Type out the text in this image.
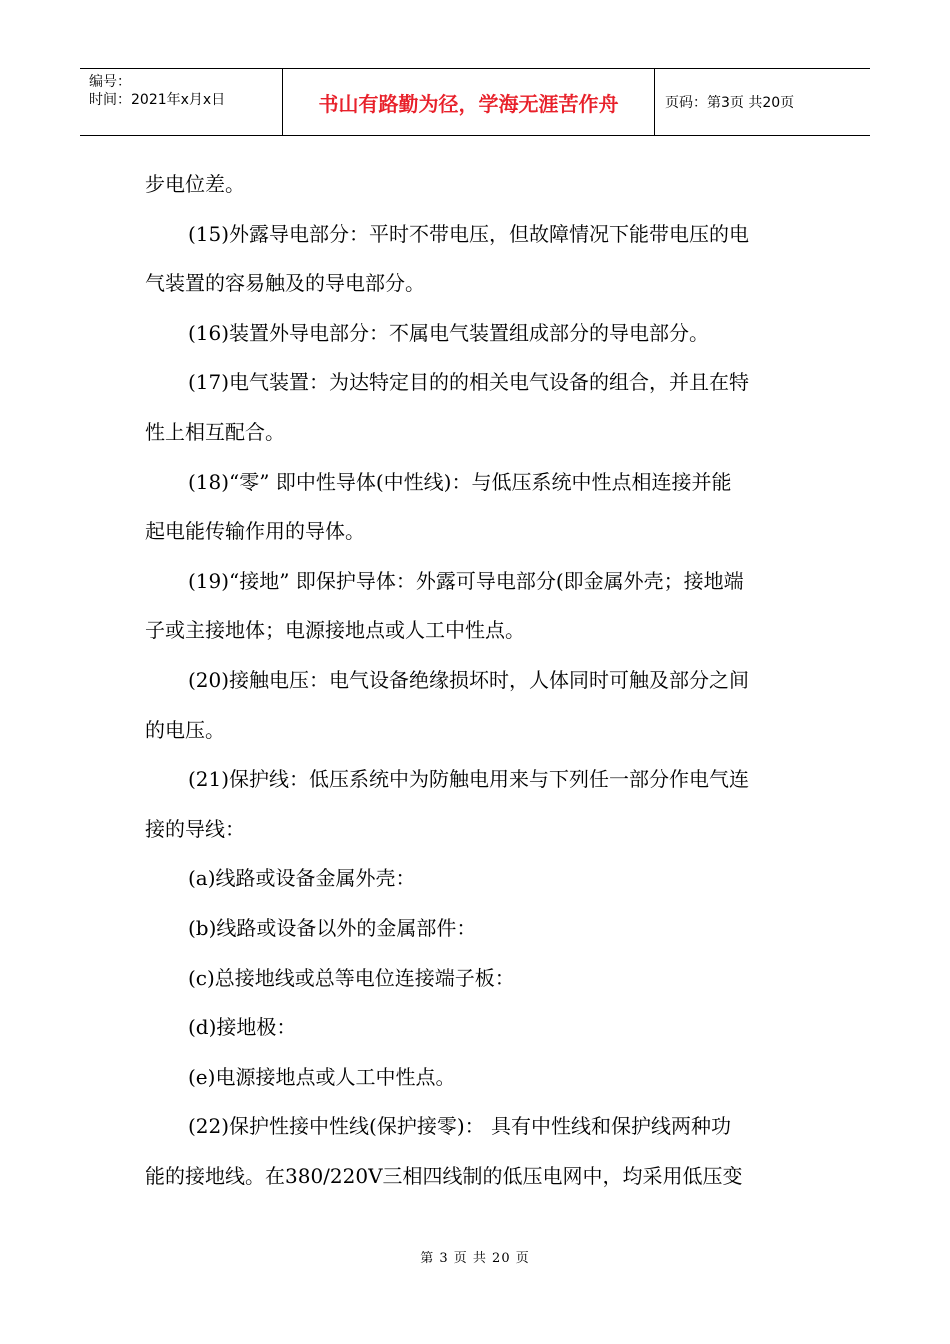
编号：
时间：2021年x月x日	书山有路勤为径，学海无涯苦作舟	页码：第3页 共20页

步电位差。

(15)外露导电部分：平时不带电压，但故障情况下能带电压的电

气装置的容易触及的导电部分。

(16)装置外导电部分：不属电气装置组成部分的导电部分。

(17)电气装置：为达特定目的的相关电气设备的组合，并且在特

性上相互配合。

(18)“零” 即中性导体(中性线)：与低压系统中性点相连接并能

起电能传输作用的导体。

(19)“接地” 即保护导体：外露可导电部分(即金属外壳；接地端

子或主接地体；电源接地点或人工中性点。

(20)接触电压：电气设备绝缘损坏时，人体同时可触及部分之间

的电压。

(21)保护线：低压系统中为防触电用来与下列任一部分作电气连

接的导线：

(a)线路或设备金属外壳：

(b)线路或设备以外的金属部件：

(c)总接地线或总等电位连接端子板：

(d)接地极：

(e)电源接地点或人工中性点。

(22)保护性接中性线(保护接零)： 具有中性线和保护线两种功

能的接地线。在380/220V三相四线制的低压电网中，均采用低压变

第 3 页 共 20 页
